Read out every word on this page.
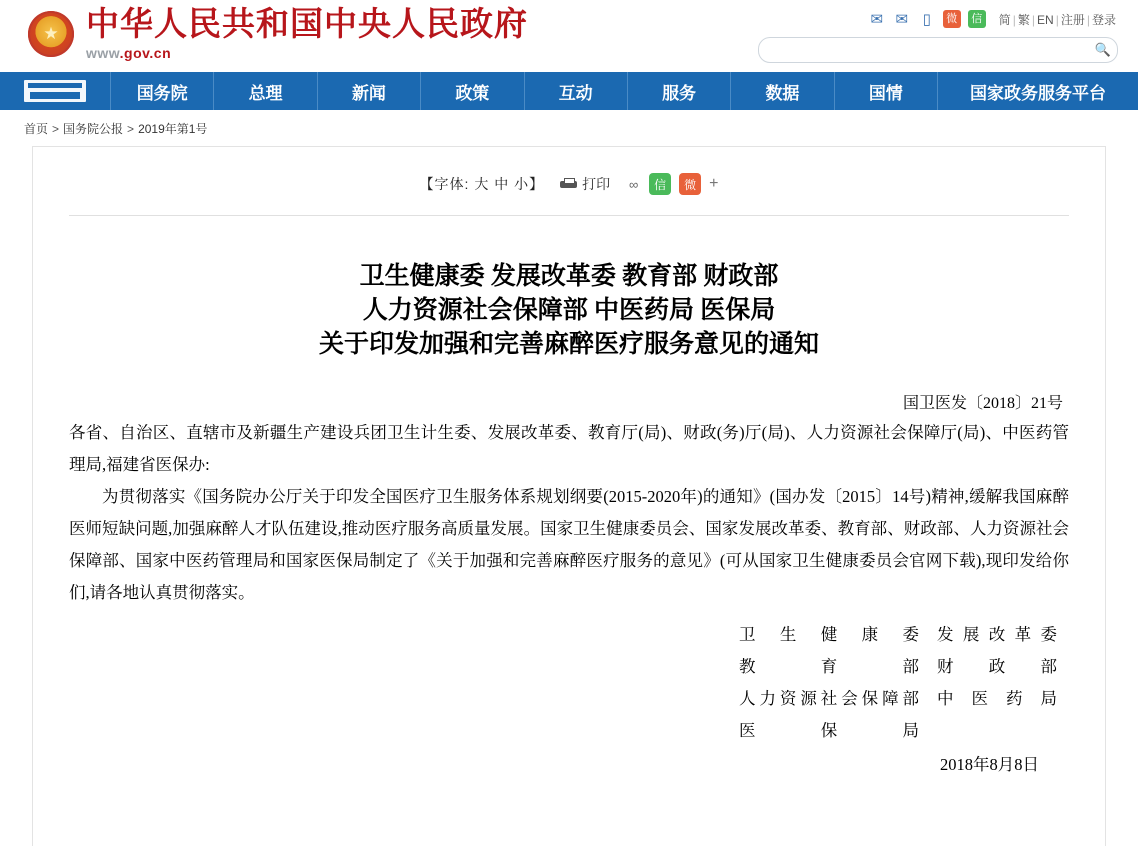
★
中华人民共和国中央人民政府
www.gov.cn
✉ ✉ ▯	微	信 简 | 繁 | EN | 注册 | 登录
🔍
国务院	总理	新闻	政策	互动	服务	数据	国情	国家政务服务平台
首页 > 国务院公报 > 2019年第1号
【字体: 大 中 小】	打印 ∞	信	微 +
卫生健康委 发展改革委 教育部 财政部
人力资源社会保障部 中医药局 医保局
关于印发加强和完善麻醉医疗服务意见的通知
国卫医发〔2018〕21号

各省、自治区、直辖市及新疆生产建设兵团卫生计生委、发展改革委、教育厅(局)、财政(务)厅(局)、人力资源社会保障厅(局)、中医药管理局,福建省医保办:

为贯彻落实《国务院办公厅关于印发全国医疗卫生服务体系规划纲要(2015-2020年)的通知》(国办发〔2015〕14号)精神,缓解我国麻醉医师短缺问题,加强麻醉人才队伍建设,推动医疗服务高质量发展。国家卫生健康委员会、国家发展改革委、教育部、财政部、人力资源社会保障部、国家中医药管理局和国家医保局制定了《关于加强和完善麻醉医疗服务的意见》(可从国家卫生健康委员会官网下载),现印发给你们,请各地认真贯彻落实。

卫生健康委	发展改革委
教育部	财政部
人力资源社会保障部	中医药局
医保局
2018年8月8日
